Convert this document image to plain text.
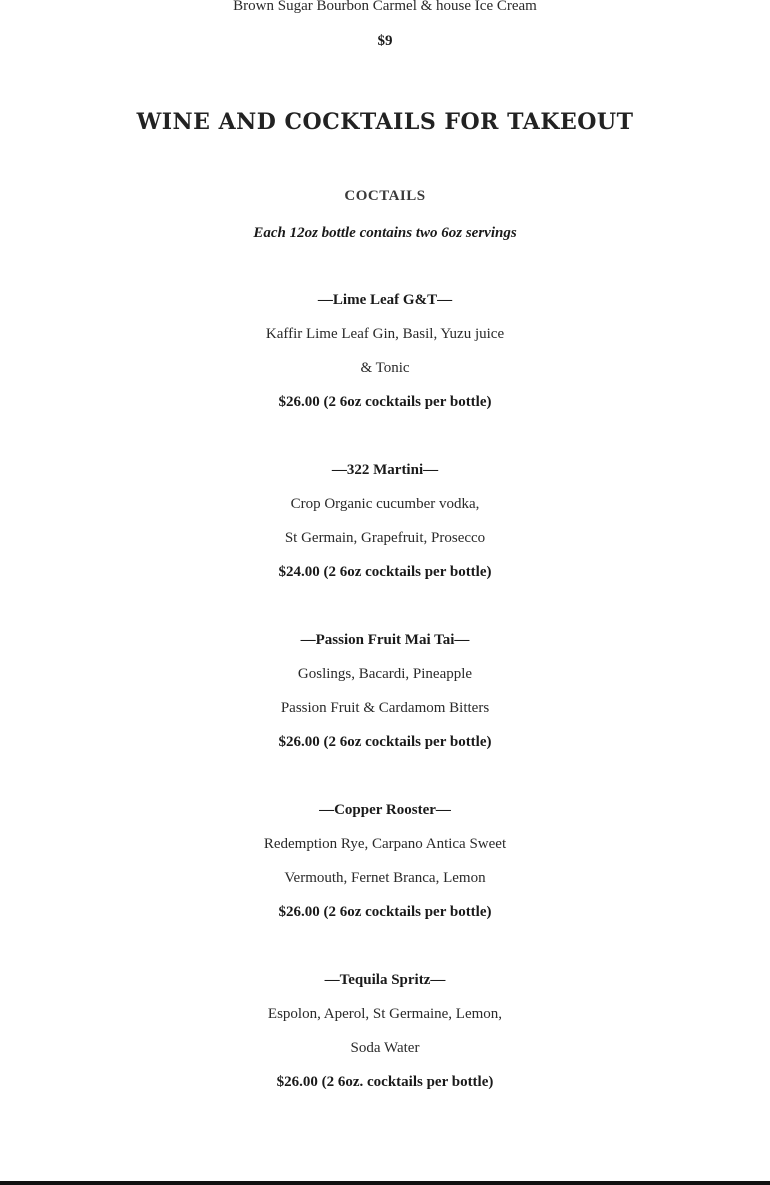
Brown Sugar Bourbon Carmel & house Ice Cream
$9
WINE AND COCKTAILS FOR TAKEOUT
COCTAILS
Each 12oz bottle contains two 6oz servings
—Lime Leaf G&T—
Kaffir Lime Leaf Gin, Basil, Yuzu juice
& Tonic
$26.00 (2 6oz cocktails per bottle)
—322 Martini—
Crop Organic cucumber vodka,
St Germain, Grapefruit, Prosecco
$24.00 (2 6oz cocktails per bottle)
—Passion Fruit Mai Tai—
Goslings, Bacardi, Pineapple
Passion Fruit & Cardamom Bitters
$26.00 (2 6oz cocktails per bottle)
—Copper Rooster—
Redemption Rye, Carpano Antica Sweet
Vermouth, Fernet Branca, Lemon
$26.00 (2 6oz cocktails per bottle)
—Tequila Spritz—
Espolon, Aperol, St Germaine, Lemon,
Soda Water
$26.00 (2 6oz. cocktails per bottle)
